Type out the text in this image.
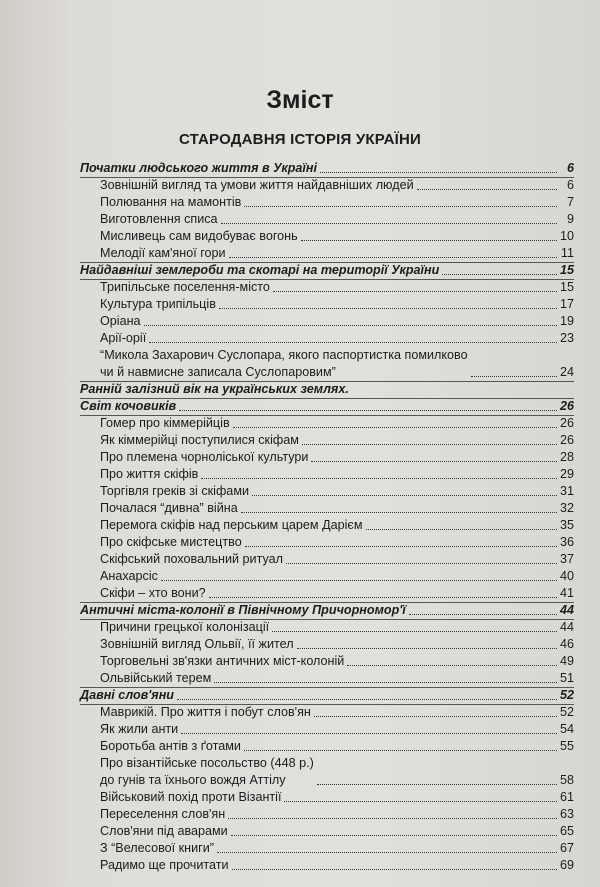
Зміст
СТАРОДАВНЯ ІСТОРІЯ УКРАЇНИ
Початки людського життя в Україні	6
Зовнішній вигляд та умови життя найдавніших людей	6
Полювання на мамонтів	7
Виготовлення списа	9
Мисливець сам видобуває вогонь	10
Мелодії кам'яної гори	11
Найдавніші землероби та скотарі на території України	15
Трипільське поселення-місто	15
Культура трипільців	17
Оріана	19
Арії-орії	23
“Микола Захарович Суслопара, якого паспортистка помилково
чи й навмисне записала Суслопаровим”	24
Ранній залізний вік на українських землях.
Світ кочовиків	26
Гомер про кіммерійців	26
Як кіммерійці поступилися скіфам	26
Про племена чорноліської культури	28
Про життя скіфів	29
Торгівля греків зі скіфами	31
Почалася “дивна” війна	32
Перемога скіфів над перським царем Дарієм	35
Про скіфське мистецтво	36
Скіфський поховальний ритуал	37
Анахарсіс	40
Скіфи – хто вони?	41
Античні міста-колонії в Північному Причорномор'ї	44
Причини грецької колонізації	44
Зовнішній вигляд Ольвії, її жител	46
Торговельні зв'язки античних міст-колоній	49
Ольвійський терем	51
Давні слов'яни	52
Маврикій. Про життя і побут слов'ян	52
Як жили анти	54
Боротьба антів з ґотами	55
Про візантійське посольство (448 р.)
до гунів та їхнього вождя Аттілу	58
Військовий похід проти Візантії	61
Переселення слов'ян	63
Слов'яни під аварами	65
З “Велесової книги”	67
Радимо ще прочитати	69
